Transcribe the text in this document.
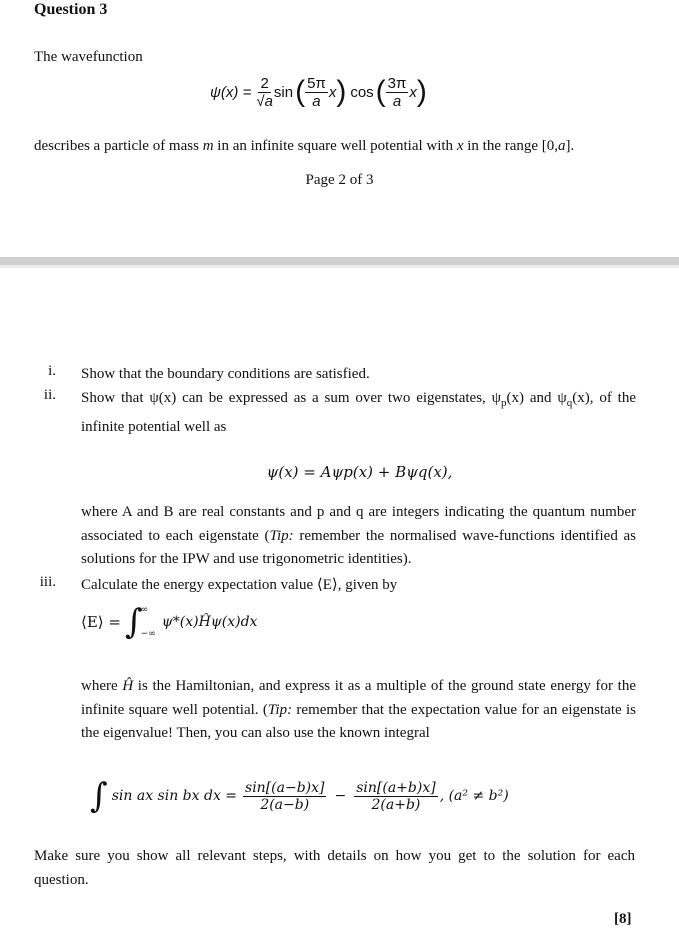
Question 3
The wavefunction
$\psi(x) = \frac{2}{√a}$ sin ( $\frac{5\pi}{a}$ x ) cos ( $\frac{3\pi}{a}$ x )
describes a particle of mass m in an infinite square well potential with x in the range [0,a].
Page 2 of 3
i. Show that the boundary conditions are satisfied.
ii. Show that ψ(x) can be expressed as a sum over two eigenstates, $\psi_p(x)$ and $\psi_q(x)$, of the infinite potential well as
ψ(x) = Aψp(x) + Bψq(x),
where A and B are real constants and p and q are integers indicating the quantum number associated to each eigenstate (Tip: remember the normalised wave-functions identified as solutions for the IPW and use trigonometric identities).
iii. Calculate the energy expectation value ⟨E⟩, given by
⟨E⟩ = ∫
∞
−∞
ψ*(x)Ĥψ(x)dx
where Ĥ is the Hamiltonian, and express it as a multiple of the ground state energy for the infinite square well potential. (Tip: remember that the expectation value for an eigenstate is the eigenvalue! Then, you can also use the known integral
∫ sin ax sin bx dx = $\frac{\sin[(a-b)x]}{2(a-b)} - \frac{\sin[(a+b)x]}{2(a+b)}$ , (a² ≠ b²)
Make sure you show all relevant steps, with details on how you get to the solution for each question.
[8]
